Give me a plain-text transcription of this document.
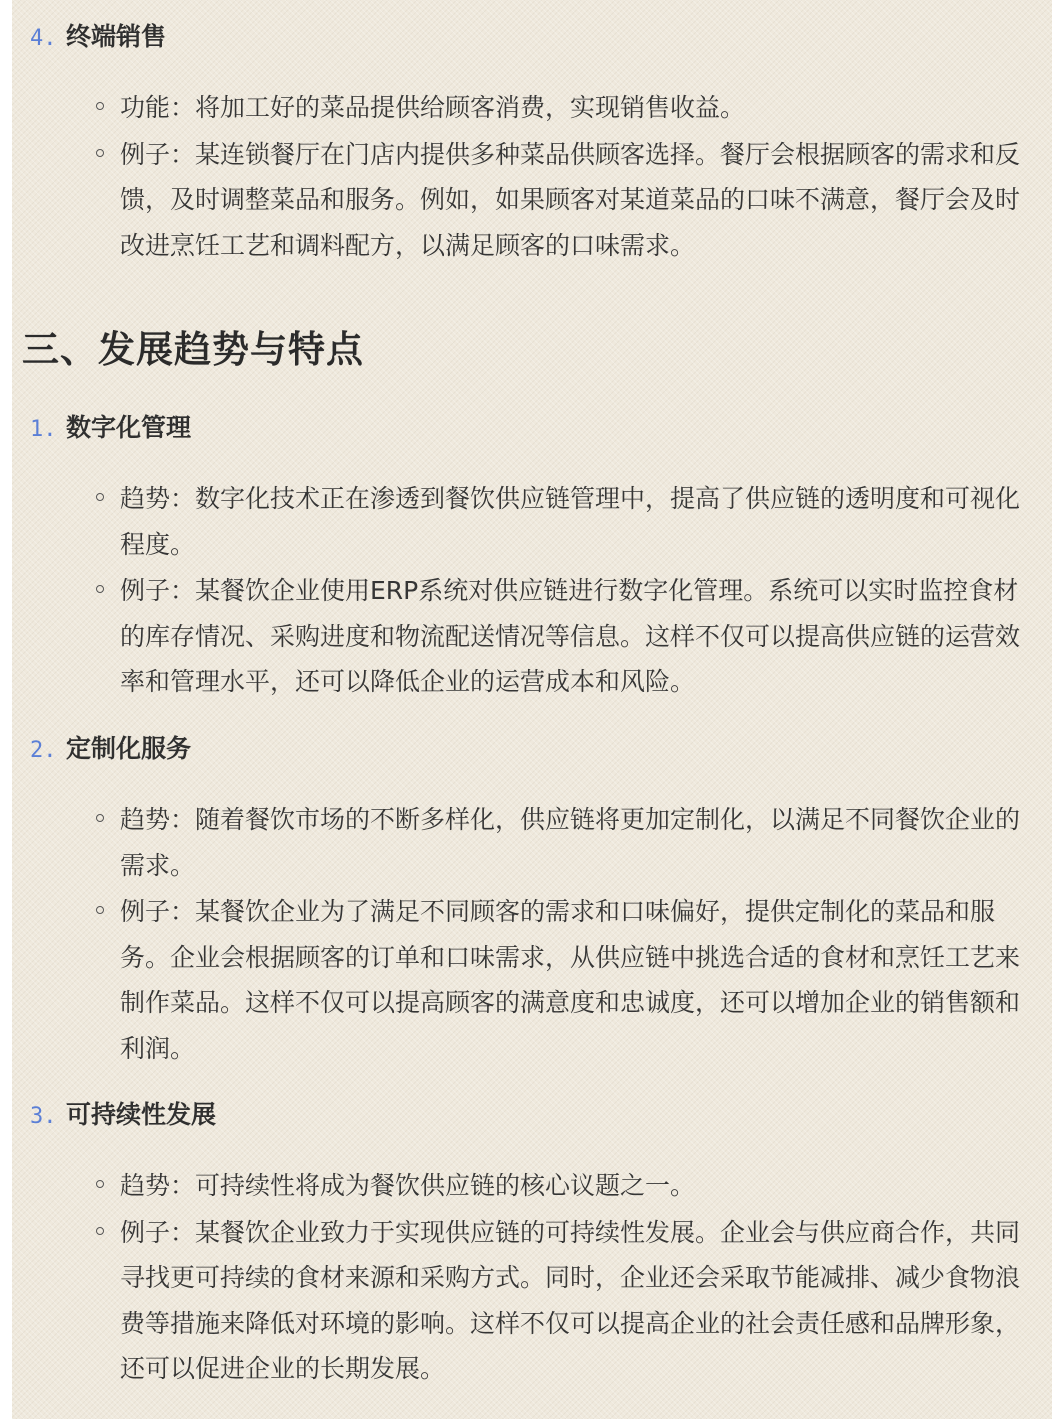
4. 终端销售
功能：将加工好的菜品提供给顾客消费，实现销售收益。
例子：某连锁餐厅在门店内提供多种菜品供顾客选择。餐厅会根据顾客的需求和反馈，及时调整菜品和服务。例如，如果顾客对某道菜品的口味不满意，餐厅会及时改进烹饪工艺和调料配方，以满足顾客的口味需求。
三、发展趋势与特点
1. 数字化管理
趋势：数字化技术正在渗透到餐饮供应链管理中，提高了供应链的透明度和可视化程度。
例子：某餐饮企业使用ERP系统对供应链进行数字化管理。系统可以实时监控食材的库存情况、采购进度和物流配送情况等信息。这样不仅可以提高供应链的运营效率和管理水平，还可以降低企业的运营成本和风险。
2. 定制化服务
趋势：随着餐饮市场的不断多样化，供应链将更加定制化，以满足不同餐饮企业的需求。
例子：某餐饮企业为了满足不同顾客的需求和口味偏好，提供定制化的菜品和服务。企业会根据顾客的订单和口味需求，从供应链中挑选合适的食材和烹饪工艺来制作菜品。这样不仅可以提高顾客的满意度和忠诚度，还可以增加企业的销售额和利润。
3. 可持续性发展
趋势：可持续性将成为餐饮供应链的核心议题之一。
例子：某餐饮企业致力于实现供应链的可持续性发展。企业会与供应商合作，共同寻找更可持续的食材来源和采购方式。同时，企业还会采取节能减排、减少食物浪费等措施来降低对环境的影响。这样不仅可以提高企业的社会责任感和品牌形象，还可以促进企业的长期发展。
